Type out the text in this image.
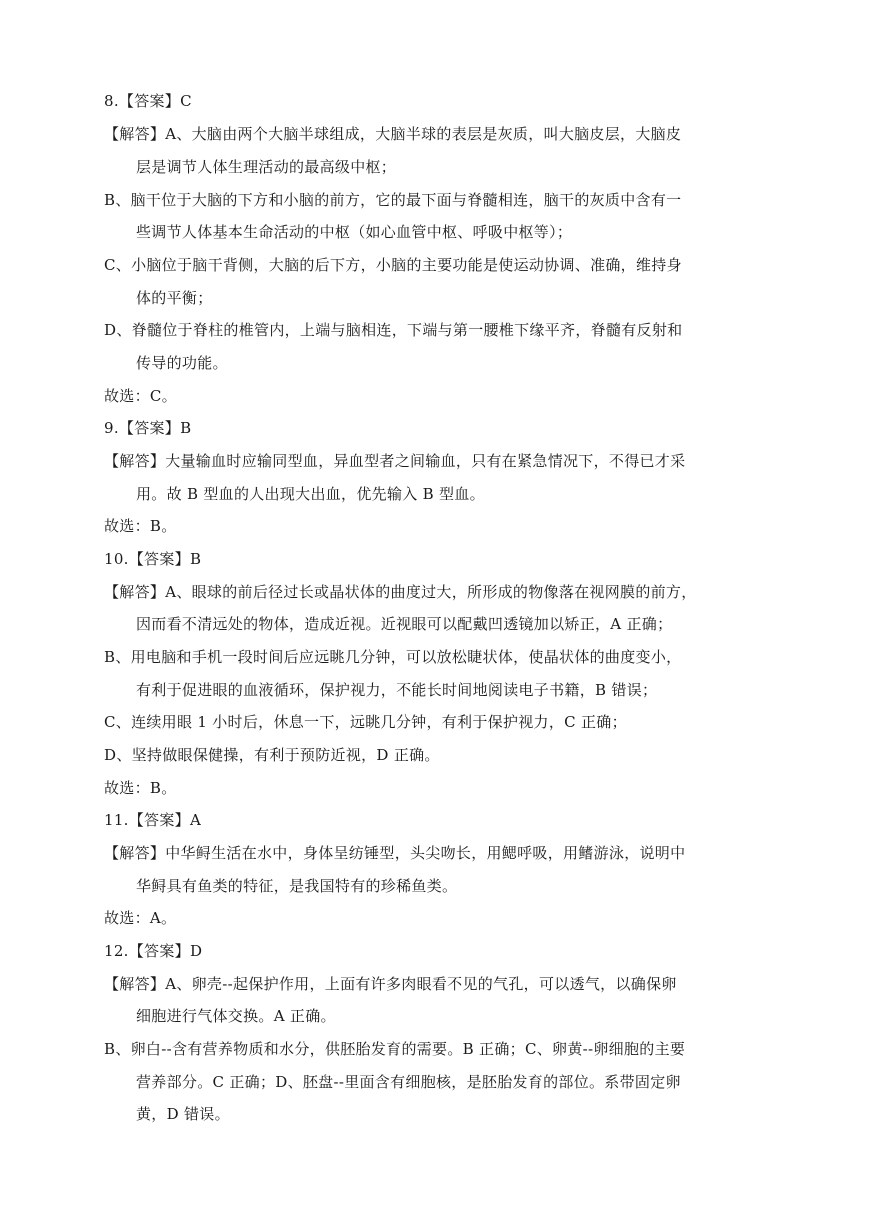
8.【答案】C
【解答】A、大脑由两个大脑半球组成，大脑半球的表层是灰质，叫大脑皮层，大脑皮
层是调节人体生理活动的最高级中枢；
B、脑干位于大脑的下方和小脑的前方，它的最下面与脊髓相连，脑干的灰质中含有一
些调节人体基本生命活动的中枢（如心血管中枢、呼吸中枢等）；
C、小脑位于脑干背侧，大脑的后下方，小脑的主要功能是使运动协调、准确，维持身
体的平衡；
D、脊髓位于脊柱的椎管内，上端与脑相连，下端与第一腰椎下缘平齐，脊髓有反射和
传导的功能。
故选：C。
9.【答案】B
【解答】大量输血时应输同型血，异血型者之间输血，只有在紧急情况下，不得已才采
用。故 B 型血的人出现大出血，优先输入 B 型血。
故选：B。
10.【答案】B
【解答】A、眼球的前后径过长或晶状体的曲度过大，所形成的物像落在视网膜的前方，
因而看不清远处的物体，造成近视。近视眼可以配戴凹透镜加以矫正，A 正确；
B、用电脑和手机一段时间后应远眺几分钟，可以放松睫状体，使晶状体的曲度变小，
有利于促进眼的血液循环，保护视力，不能长时间地阅读电子书籍，B 错误；
C、连续用眼 1 小时后，休息一下，远眺几分钟，有利于保护视力，C 正确；
D、坚持做眼保健操，有利于预防近视，D 正确。
故选：B。
11.【答案】A
【解答】中华鲟生活在水中，身体呈纺锤型，头尖吻长，用鳃呼吸，用鳍游泳，说明中
华鲟具有鱼类的特征，是我国特有的珍稀鱼类。
故选：A。
12.【答案】D
【解答】A、卵壳--起保护作用，上面有许多肉眼看不见的气孔，可以透气，以确保卵
细胞进行气体交换。A 正确。
B、卵白--含有营养物质和水分，供胚胎发育的需要。B 正确；C、卵黄--卵细胞的主要
营养部分。C 正确；D、胚盘--里面含有细胞核，是胚胎发育的部位。系带固定卵
黄，D 错误。
